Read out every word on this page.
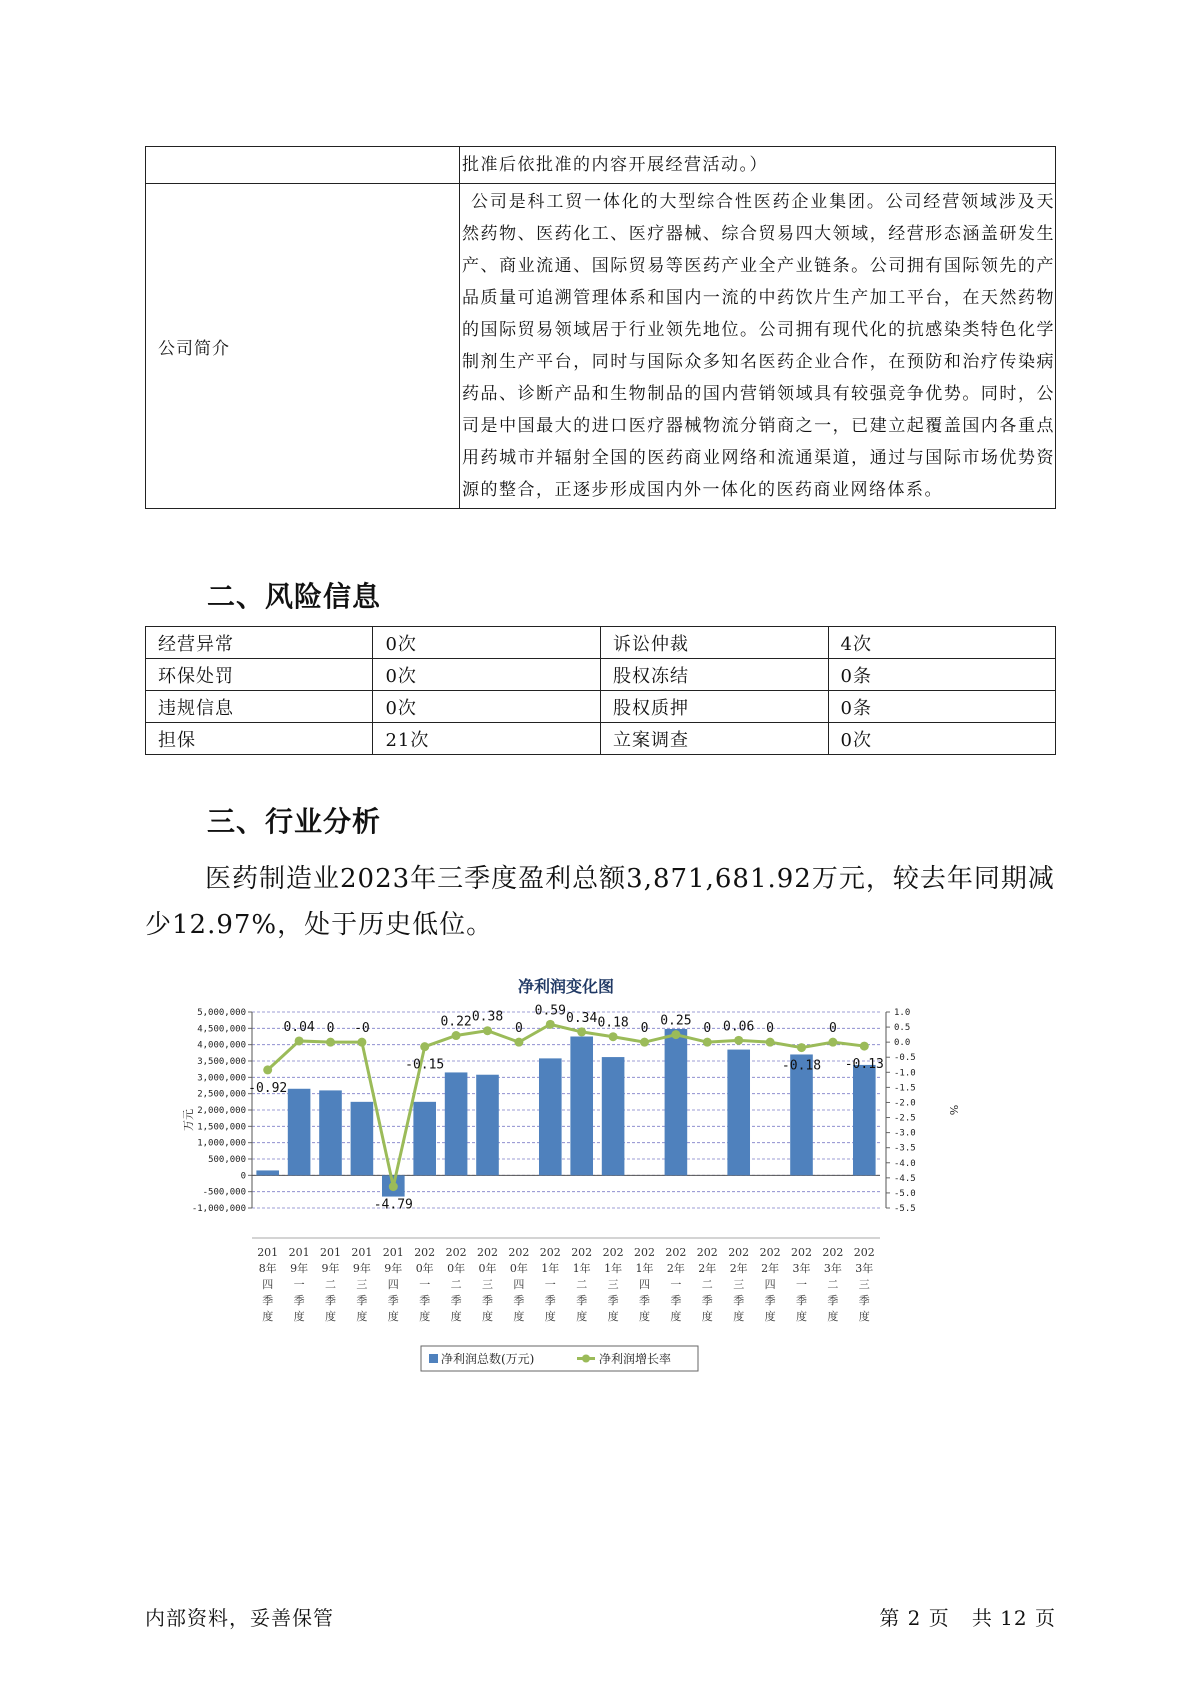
	批准后依批准的内容开展经营活动。）
公司简介	公司是科工贸一体化的大型综合性医药企业集团。公司经营领域涉及天然药物、医药化工、医疗器械、综合贸易四大领域，经营形态涵盖研发生产、商业流通、国际贸易等医药产业全产业链条。公司拥有国际领先的产品质量可追溯管理体系和国内一流的中药饮片生产加工平台，在天然药物的国际贸易领域居于行业领先地位。公司拥有现代化的抗感染类特色化学制剂生产平台，同时与国际众多知名医药企业合作，在预防和治疗传染病药品、诊断产品和生物制品的国内营销领域具有较强竞争优势。同时，公司是中国最大的进口医疗器械物流分销商之一，已建立起覆盖国内各重点用药城市并辐射全国的医药商业网络和流通渠道，通过与国际市场优势资源的整合，正逐步形成国内外一体化的医药商业网络体系。

二、风险信息
经营异常	0次	诉讼仲裁	4次
环保处罚	0次	股权冻结	0条
违规信息	0次	股权质押	0条
担保	21次	立案调查	0次
三、行业分析

医药制造业2023年三季度盈利总额3,871,681.92万元，较去年同期减少12.97%，处于历史低位。

净利润变化图
5,000,000
4,500,000
4,000,000
3,500,000
3,000,000
2,500,000
2,000,000
1,500,000
1,000,000
500,000
0
-500,000
-1,000,000
1.0
0.5
0.0
-0.5
-1.0
-1.5
-2.0
-2.5
-3.0
-3.5
-4.0
-4.5
-5.0
-5.5
万元	%
-0.92
0.04 0 -0
-4.79
-0.15
0.22 0.38
0
0.59
0.34 0.18 0
0.25
0 0.06 0
-0.18
0
-0.13
201
8年
四
季
度
201
9年
一
季
度
201
9年
二
季
度
201
9年
三
季
度
201
9年
四
季
度
202
0年
一
季
度
202
0年
二
季
度
202
0年
三
季
度
202
0年
四
季
度
202
1年
一
季
度
202
1年
二
季
度
202
1年
三
季
度
202
1年
四
季
度
202
2年
一
季
度
202
2年
二
季
度
202
2年
三
季
度
202
2年
四
季
度
202
3年
一
季
度
202
3年
二
季
度
202
3年
三
季
度
净利润总数(万元)	净利润增长率
内部资料，妥善保管	第 2 页   共 12 页
